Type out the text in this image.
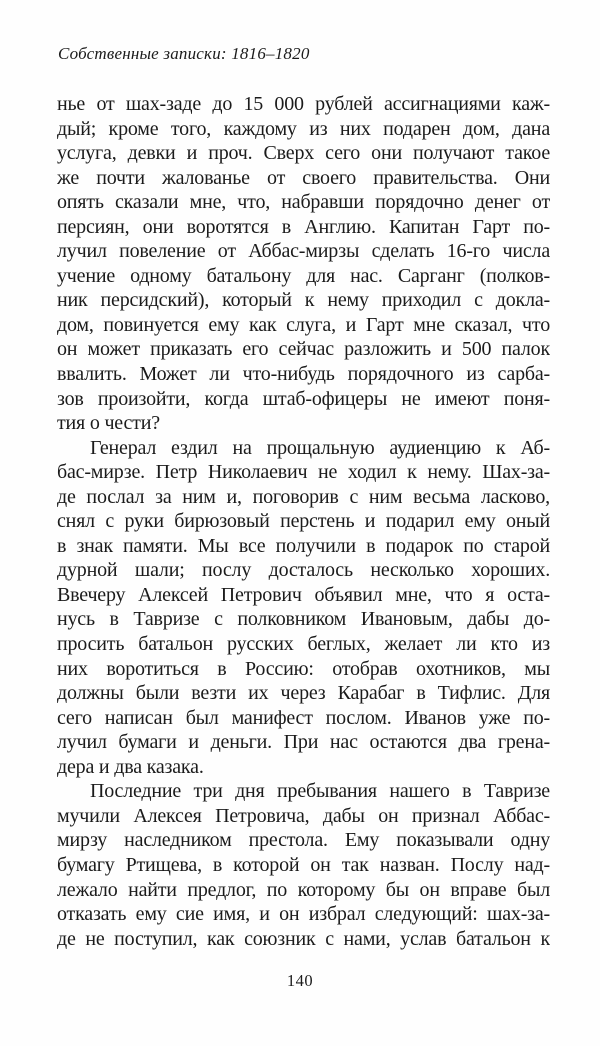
Собственные записки: 1816–1820
нье от шах-заде до 15 000 рублей ассигнациями каж-
дый; кроме того, каждому из них подарен дом, дана
услуга, девки и проч. Сверх сего они получают такое
же почти жалованье от своего правительства. Они
опять сказали мне, что, набравши порядочно денег от
персиян, они воротятся в Англию. Капитан Гарт по-
лучил повеление от Аббас-мирзы сделать 16-го числа
учение одному батальону для нас. Сарганг (полков-
ник персидский), который к нему приходил с докла-
дом, повинуется ему как слуга, и Гарт мне сказал, что
он может приказать его сейчас разложить и 500 палок
ввалить. Может ли что-нибудь порядочного из сарба-
зов произойти, когда штаб-офицеры не имеют поня-
тия о чести?
Генерал ездил на прощальную аудиенцию к Аб-
бас-мирзе. Петр Николаевич не ходил к нему. Шах-за-
де послал за ним и, поговорив с ним весьма ласково,
снял с руки бирюзовый перстень и подарил ему оный
в знак памяти. Мы все получили в подарок по старой
дурной шали; послу досталось несколько хороших.
Ввечеру Алексей Петрович объявил мне, что я оста-
нусь в Тавризе с полковником Ивановым, дабы до-
просить батальон русских беглых, желает ли кто из
них воротиться в Россию: отобрав охотников, мы
должны были везти их через Карабаг в Тифлис. Для
сего написан был манифест послом. Иванов уже по-
лучил бумаги и деньги. При нас остаются два грена-
дера и два казака.
Последние три дня пребывания нашего в Тавризе
мучили Алексея Петровича, дабы он признал Аббас-
мирзу наследником престола. Ему показывали одну
бумагу Ртищева, в которой он так назван. Послу над-
лежало найти предлог, по которому бы он вправе был
отказать ему сие имя, и он избрал следующий: шах-за-
де не поступил, как союзник с нами, услав батальон к
140
